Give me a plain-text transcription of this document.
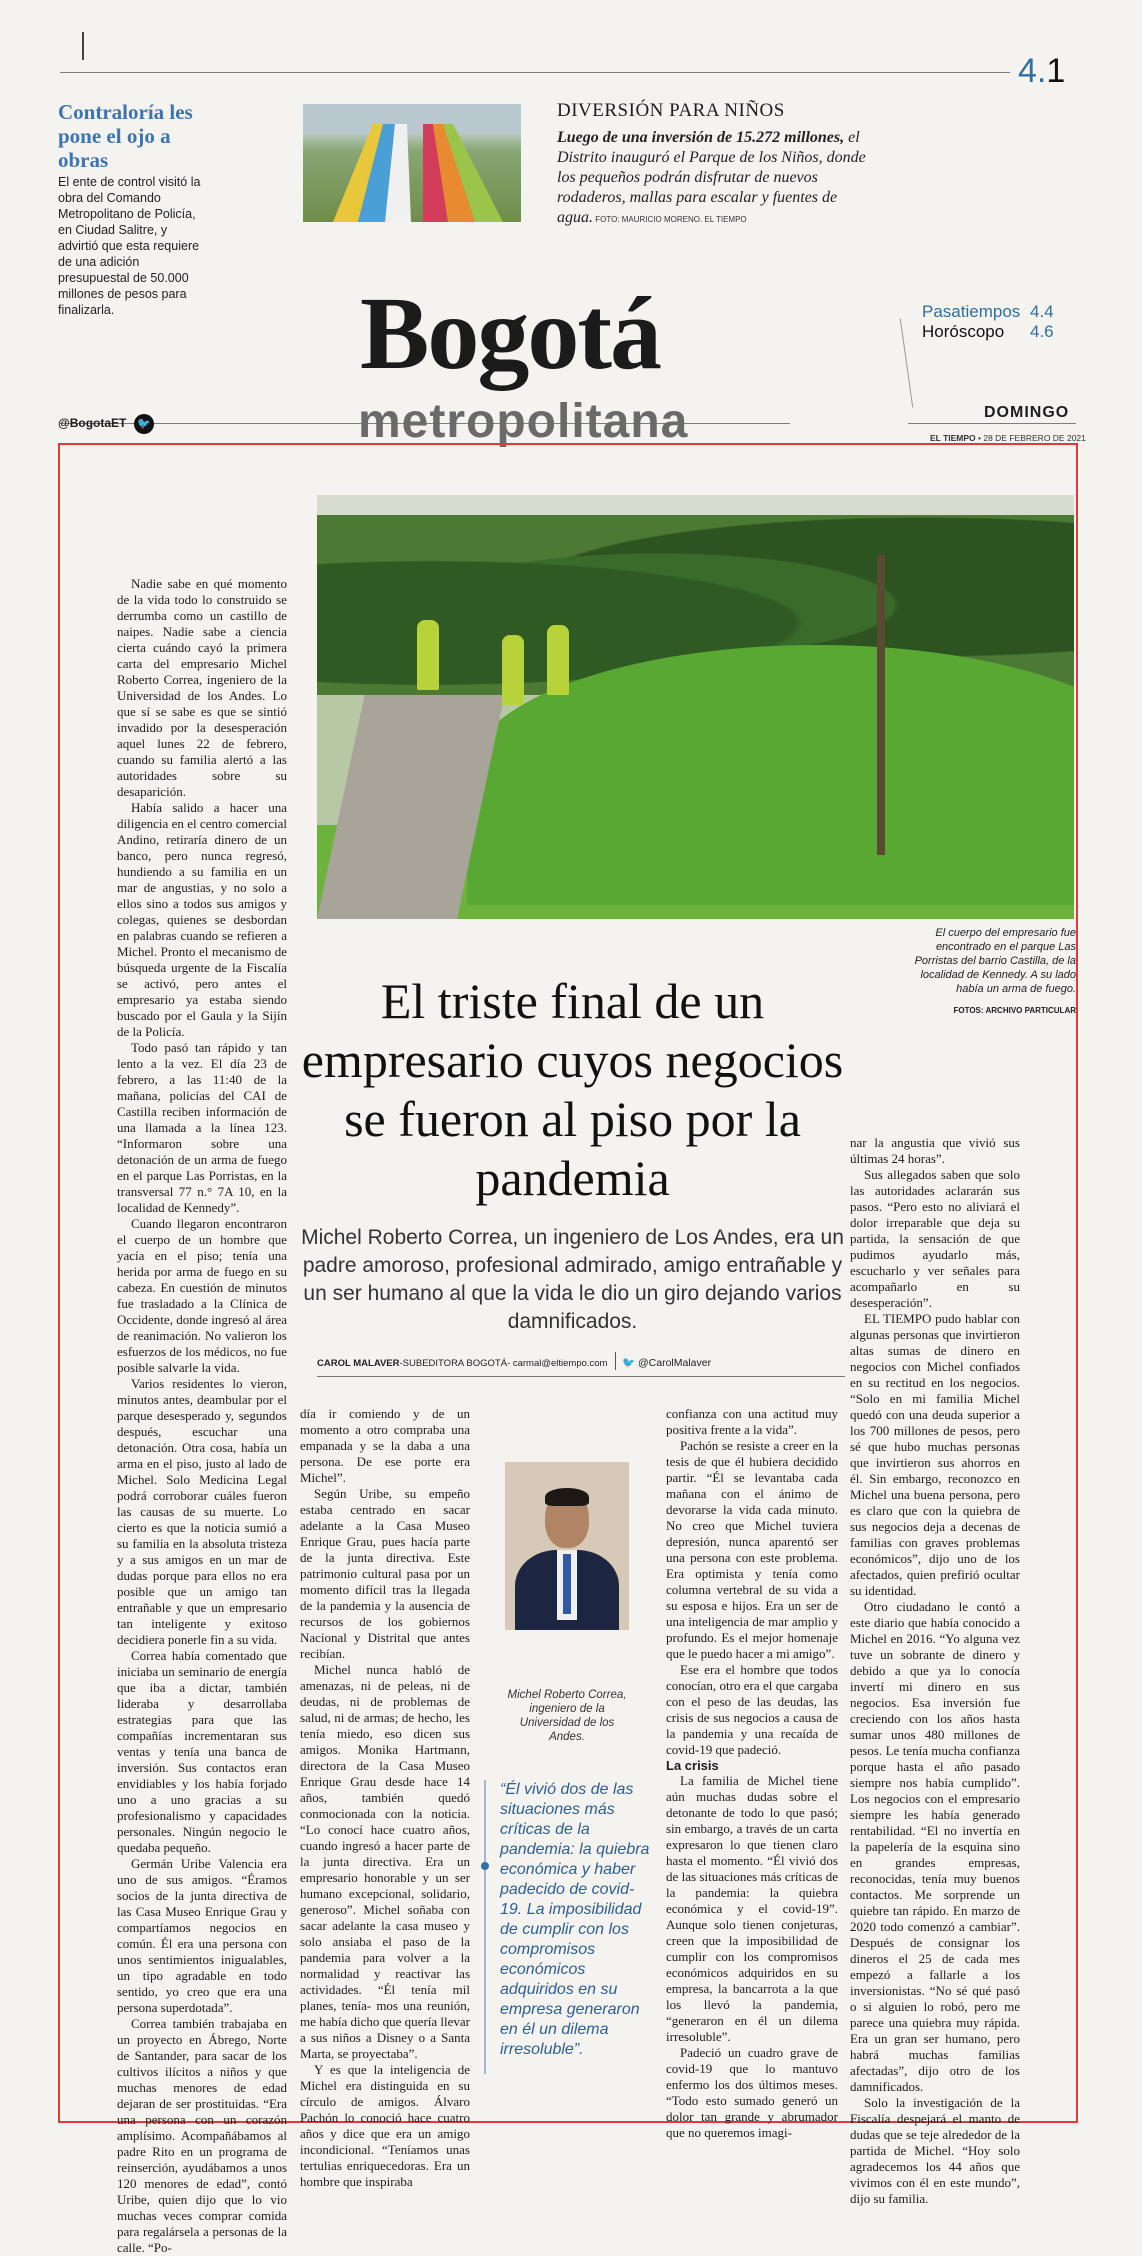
4.1
Contraloría les pone el ojo a obras
El ente de control visitó la obra del Comando Metropolitano de Policía, en Ciudad Salitre, y advirtió que esta requiere de una adición presupuestal de 50.000 millones de pesos para finalizarla.
DIVERSIÓN PARA NIÑOS
Luego de una inversión de 15.272 millones, el Distrito inauguró el Parque de los Niños, donde los pequeños podrán disfrutar de nuevos rodaderos, mallas para escalar y fuentes de agua. FOTO: MAURICIO MORENO. EL TIEMPO
Bogotá
metropolitana
@BogotaET 🐦
Pasatiempos 4.4
Horóscopo 4.6
DOMINGO
EL TIEMPO • 28 DE FEBRERO DE 2021
El cuerpo del empresario fue encontrado en el parque Las Porristas del barrio Castilla, de la localidad de Kennedy. A su lado había un arma de fuego.
FOTOS: ARCHIVO PARTICULAR
El triste final de un empresario cuyos negocios se fueron al piso por la pandemia
Michel Roberto Correa, un ingeniero de Los Andes, era un padre amoroso, profesional admirado, amigo entrañable y un ser humano al que la vida le dio un giro dejando varios damnificados.
CAROL MALAVER-SUBEDITORA BOGOTÁ- carmal@eltiempo.com 🐦 @CarolMalaver

Nadie sabe en qué momento de la vida todo lo construido se derrumba como un castillo de naipes. Nadie sabe a ciencia cierta cuándo cayó la primera carta del empresario Michel Roberto Correa, ingeniero de la Universidad de los Andes. Lo que sí se sabe es que se sintió invadido por la desesperación aquel lunes 22 de febrero, cuando su familia alertó a las autoridades sobre su desaparición.

Había salido a hacer una diligencia en el centro comercial Andino, retiraría dinero de un banco, pero nunca regresó, hundiendo a su familia en un mar de angustias, y no solo a ellos sino a todos sus amigos y colegas, quienes se desbordan en palabras cuando se refieren a Michel. Pronto el mecanismo de búsqueda urgente de la Fiscalía se activó, pero antes el empresario ya estaba siendo buscado por el Gaula y la Sijín de la Policía.

Todo pasó tan rápido y tan lento a la vez. El día 23 de febrero, a las 11:40 de la mañana, policías del CAI de Castilla reciben información de una llamada a la línea 123. “Informaron sobre una detonación de un arma de fuego en el parque Las Porristas, en la transversal 77 n.° 7A 10, en la localidad de Kennedy”.

Cuando llegaron encontraron el cuerpo de un hombre que yacía en el piso; tenía una herida por arma de fuego en su cabeza. En cuestión de minutos fue trasladado a la Clínica de Occidente, donde ingresó al área de reanimación. No valieron los esfuerzos de los médicos, no fue posible salvarle la vida.

Varios residentes lo vieron, minutos antes, deambular por el parque desesperado y, segundos después, escuchar una detonación. Otra cosa, había un arma en el piso, justo al lado de Michel. Solo Medicina Legal podrá corroborar cuáles fueron las causas de su muerte. Lo cierto es que la noticia sumió a su familia en la absoluta tristeza y a sus amigos en un mar de dudas porque para ellos no era posible que un amigo tan entrañable y que un empresario tan inteligente y exitoso decidiera ponerle fin a su vida.

Correa había comentado que iniciaba un seminario de energía que iba a dictar, también lideraba y desarrollaba estrategias para que las compañías incrementaran sus ventas y tenía una banca de inversión. Sus contactos eran envidiables y los había forjado uno a uno gracias a su profesionalismo y capacidades personales. Ningún negocio le quedaba pequeño.

Germán Uribe Valencia era uno de sus amigos. “Éramos socios de la junta directiva de las Casa Museo Enrique Grau y compartíamos negocios en común. Él era una persona con unos sentimientos inigualables, un tipo agradable en todo sentido, yo creo que era una persona superdotada”.

Correa también trabajaba en un proyecto en Ábrego, Norte de Santander, para sacar de los cultivos ilícitos a niños y que muchas menores de edad dejaran de ser prostituidas. “Era una persona con un corazón amplísimo. Acompañábamos al padre Rito en un programa de reinserción, ayudábamos a unos 120 menores de edad”, contó Uribe, quien dijo que lo vio muchas veces comprar comida para regalársela a personas de la calle. “Po-

día ir comiendo y de un momento a otro compraba una empanada y se la daba a una persona. De ese porte era Michel”.

Según Uribe, su empeño estaba centrado en sacar adelante a la Casa Museo Enrique Grau, pues hacía parte de la junta directiva. Este patrimonio cultural pasa por un momento difícil tras la llegada de la pandemia y la ausencia de recursos de los gobiernos Nacional y Distrital que antes recibían.

Michel nunca habló de amenazas, ni de peleas, ni de deudas, ni de problemas de salud, ni de armas; de hecho, les tenía miedo, eso dicen sus amigos. Monika Hartmann, directora de la Casa Museo Enrique Grau desde hace 14 años, también quedó conmocionada con la noticia. “Lo conocí hace cuatro años, cuando ingresó a hacer parte de la junta directiva. Era un empresario honorable y un ser humano excepcional, solidario, generoso”. Michel soñaba con sacar adelante la casa museo y solo ansiaba el paso de la pandemia para volver a la normalidad y reactivar las actividades. “Él tenía mil planes, tenía- mos una reunión, me había dicho que quería llevar a sus niños a Disney o a Santa Marta, se proyectaba”.

Y es que la inteligencia de Michel era distinguida en su círculo de amigos. Álvaro Pachón lo conoció hace cuatro años y dice que era un amigo incondicional. “Teníamos unas tertulias enriquecedoras. Era un hombre que inspiraba

Michel Roberto Correa, ingeniero de la Universidad de los Andes.
“Él vivió dos de las situaciones más críticas de la pandemia: la quiebra económica y haber padecido de covid-19. La imposibilidad de cumplir con los compromisos económicos adquiridos en su empresa generaron en él un dilema irresoluble”.

confianza con una actitud muy positiva frente a la vida”.

Pachón se resiste a creer en la tesis de que él hubiera decidido partir. “Él se levantaba cada mañana con el ánimo de devorarse la vida cada minuto. No creo que Michel tuviera depresión, nunca aparentó ser una persona con este problema. Era optimista y tenía como columna vertebral de su vida a su esposa e hijos. Era un ser de una inteligencia de mar amplio y profundo. Es el mejor homenaje que le puedo hacer a mi amigo”.

Ese era el hombre que todos conocían, otro era el que cargaba con el peso de las deudas, las crisis de sus negocios a causa de la pandemia y una recaída de covid-19 que padeció.

La crisis

La familia de Michel tiene aún muchas dudas sobre el detonante de todo lo que pasó; sin embargo, a través de un carta expresaron lo que tienen claro hasta el momento. “Él vivió dos de las situaciones más críticas de la pandemia: la quiebra económica y el covid-19”. Aunque solo tienen conjeturas, creen que la imposibilidad de cumplir con los compromisos económicos adquiridos en su empresa, la bancarrota a la que los llevó la pandemia, “generaron en él un dilema irresoluble”.

Padeció un cuadro grave de covid-19 que lo mantuvo enfermo los dos últimos meses. “Todo esto sumado generó un dolor tan grande y abrumador que no queremos imagi-

nar la angustia que vivió sus últimas 24 horas”.

Sus allegados saben que solo las autoridades aclararán sus pasos. “Pero esto no aliviará el dolor irreparable que deja su partida, la sensación de que pudimos ayudarlo más, escucharlo y ver señales para acompañarlo en su desesperación”.

EL TIEMPO pudo hablar con algunas personas que invirtieron altas sumas de dinero en negocios con Michel confiados en su rectitud en los negocios. “Solo en mi familia Michel quedó con una deuda superior a los 700 millones de pesos, pero sé que hubo muchas personas que invirtieron sus ahorros en él. Sin embargo, reconozco en Michel una buena persona, pero es claro que con la quiebra de sus negocios deja a decenas de familias con graves problemas económicos”, dijo uno de los afectados, quien prefirió ocultar su identidad.

Otro ciudadano le contó a este diario que había conocido a Michel en 2016. “Yo alguna vez tuve un sobrante de dinero y debido a que ya lo conocía invertí mi dinero en sus negocios. Esa inversión fue creciendo con los años hasta sumar unos 480 millones de pesos. Le tenía mucha confianza porque hasta el año pasado siempre nos había cumplido”. Los negocios con el empresario siempre les había generado rentabilidad. “El no invertía en la papelería de la esquina sino en grandes empresas, reconocidas, tenía muy buenos contactos. Me sorprende un quiebre tan rápido. En marzo de 2020 todo comenzó a cambiar”. Después de consignar los dineros el 25 de cada mes empezó a fallarle a los inversionistas. “No sé qué pasó o si alguien lo robó, pero me parece una quiebra muy rápida. Era un gran ser humano, pero habrá muchas familias afectadas”, dijo otro de los damnificados.

Solo la investigación de la Fiscalía despejará el manto de dudas que se teje alrededor de la partida de Michel. “Hoy solo agradecemos los 44 años que vivimos con él en este mundo”, dijo su familia.
